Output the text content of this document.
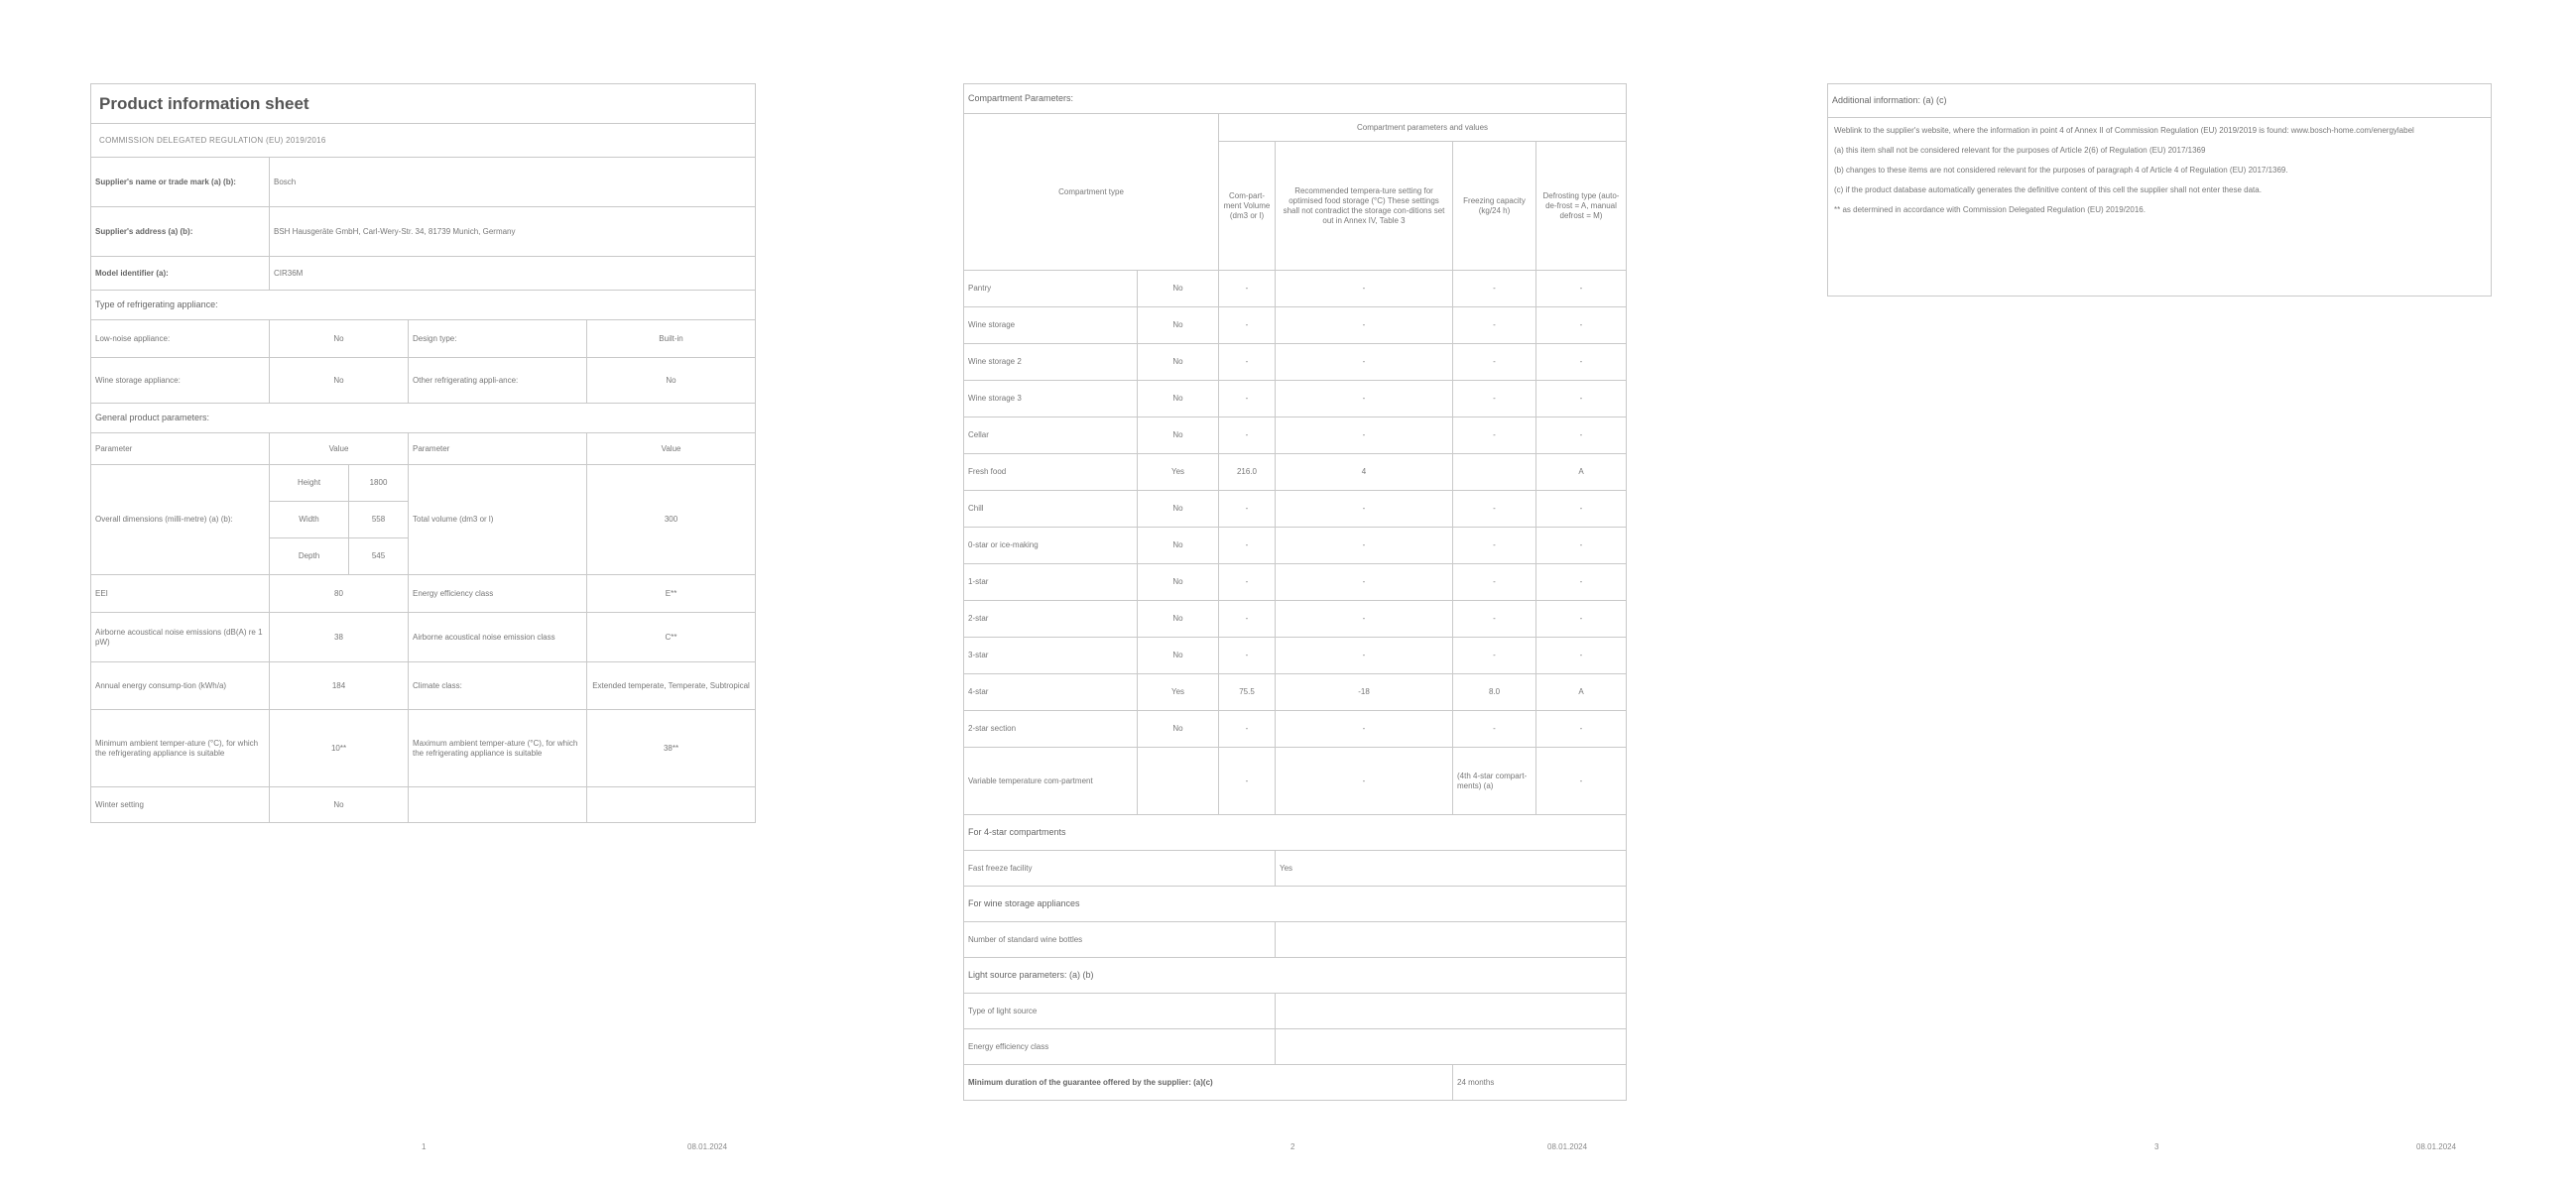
Product information sheet				
COMMISSION DELEGATED REGULATION (EU) 2019/2016				
Supplier's name or trade mark (a) (b):	Bosch			
Supplier's address (a) (b):	BSH Hausgeräte GmbH, Carl-Wery-Str. 34, 81739 Munich, Germany			
Model identifier (a):	CIR36M			
Type of refrigerating appliance:				
Low-noise appliance:	No		Design type:	Built-in
Wine storage appliance:	No		Other refrigerating appli-ance:	No
General product parameters:				
Parameter	Value		Parameter	Value
Overall dimensions (milli-metre) (a) (b):	Height	1800	Total volume (dm3 or l)	300
	Width	558		
	Depth	545		
EEI	80		Energy efficiency class	E**
Airborne acoustical noise emissions (dB(A) re 1 pW)	38		Airborne acoustical noise emission class	C**
Annual energy consump-tion (kWh/a)	184		Climate class:	Extended temperate, Temperate, Subtropical
Minimum ambient temper-ature (°C), for which the refrigerating appliance is suitable	10**		Maximum ambient temper-ature (°C), for which the refrigerating appliance is suitable	38**
Winter setting	No			
1	08.01.2024
Compartment Parameters:					
Compartment type		Compartment parameters and values			
		Com-part-ment Volume (dm3 or l)	Recommended tempera-ture setting for optimised food storage (°C) These settings shall not contradict the storage con-ditions set out in Annex IV, Table 3	Freezing capacity (kg/24 h)	Defrosting type (auto-de-frost = A, manual defrost = M)
Pantry	No	-	-	-	-
Wine storage	No	-	-	-	-
Wine storage 2	No	-	-	-	-
Wine storage 3	No	-	-	-	-
Cellar	No	-	-	-	-
Fresh food	Yes	216.0	4		A
Chill	No	-	-	-	-
0-star or ice-making	No	-	-	-	-
1-star	No	-	-	-	-
2-star	No	-	-	-	-
3-star	No	-	-	-	-
4-star	Yes	75.5	-18	8.0	A
2-star section	No	-	-	-	-
Variable temperature com-partment		-	-	(4th 4-star compart-ments) (a)	-
For 4-star compartments					
Fast freeze facility			Yes		
For wine storage appliances					
Number of standard wine bottles					
Light source parameters: (a) (b)					
Type of light source					
Energy efficiency class					
Minimum duration of the guarantee offered by the supplier: (a)(c)				24 months	
2	08.01.2024
Additional information: (a) (c)

Weblink to the supplier's website, where the information in point 4 of Annex II of Commission Regulation (EU) 2019/2019 is found: www.bosch-home.com/energylabel

(a) this item shall not be considered relevant for the purposes of Article 2(6) of Regulation (EU) 2017/1369

(b) changes to these items are not considered relevant for the purposes of paragraph 4 of Article 4 of Regulation (EU) 2017/1369.

(c) if the product database automatically generates the definitive content of this cell the supplier shall not enter these data.

** as determined in accordance with Commission Delegated Regulation (EU) 2019/2016.

3	08.01.2024
